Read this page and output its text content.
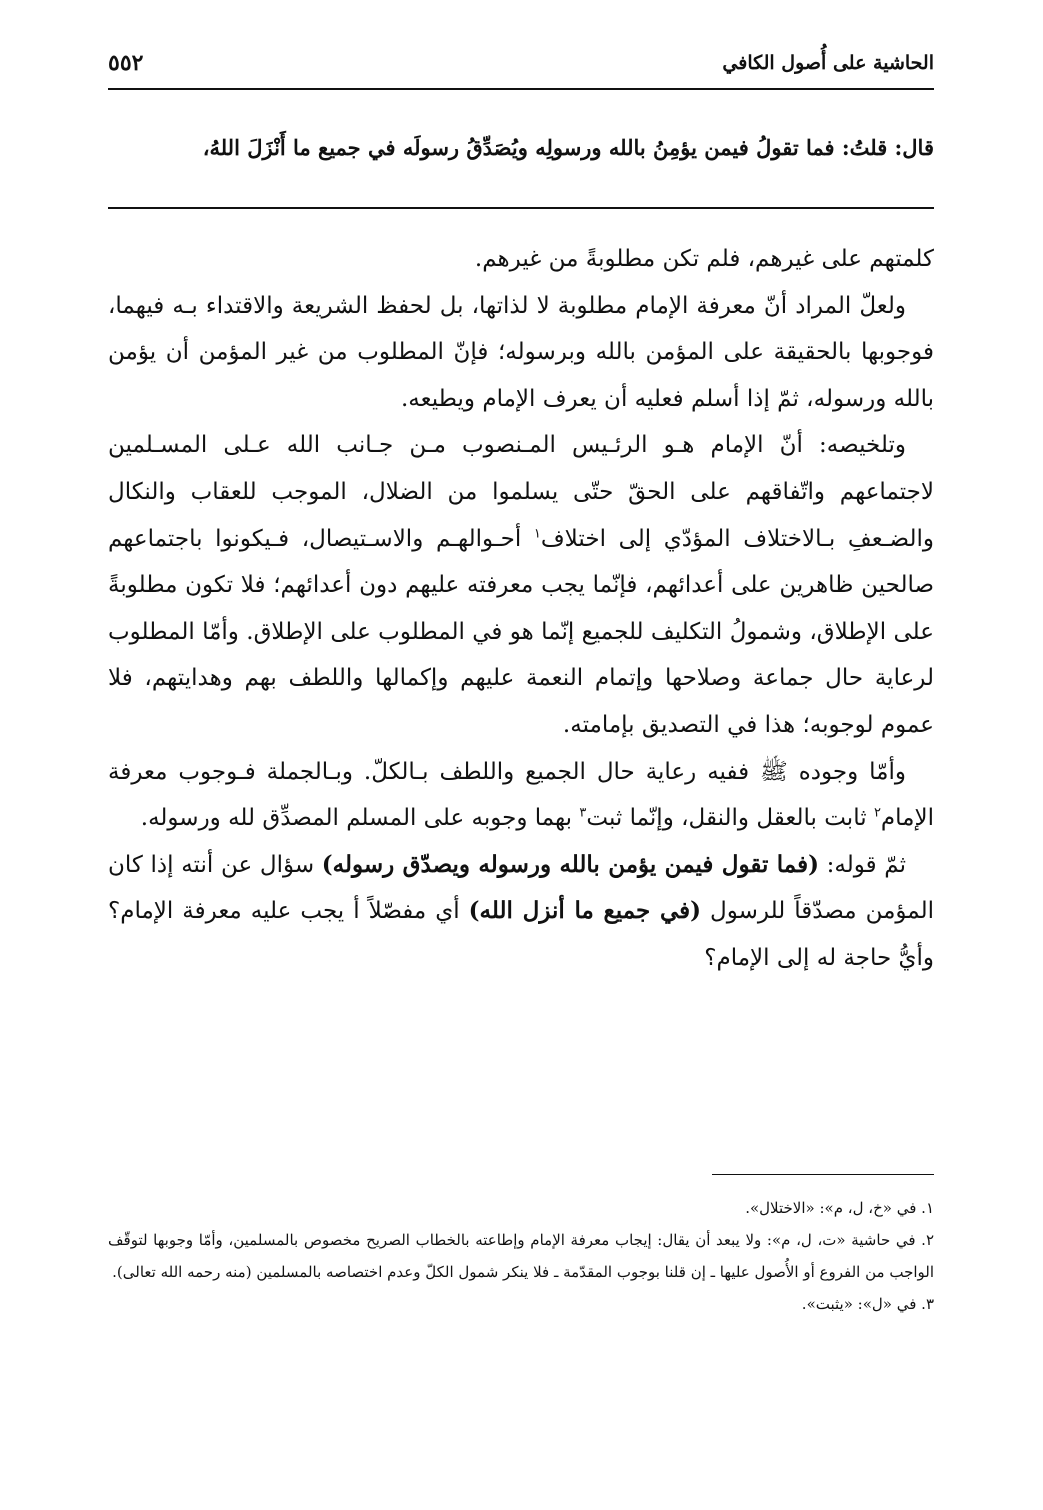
الحاشية على أُصول الكافي
٥٥٢
قال: قلتُ: فما تقولُ فيمن يؤمِنُ بالله ورسولِه ويُصَدِّقُ رسولَه في جميع ما أَنْزَلَ اللهُ،

كلمتهم على غيرهم، فلم تكن مطلوبةً من غيرهم.

ولعلّ المراد أنّ معرفة الإمام مطلوبة لا لذاتها، بل لحفظ الشريعة والاقتداء بـه فيهما، فوجوبها بالحقيقة على المؤمن بالله وبرسوله؛ فإنّ المطلوب من غير المؤمن أن يؤمن بالله ورسوله، ثمّ إذا أسلم فعليه أن يعرف الإمام ويطيعه.

وتلخيصه: أنّ الإمام هـو الرئـيس المـنصوب مـن جـانب الله عـلى المسـلمين لاجتماعهم واتّفاقهم على الحقّ حتّى يسلموا من الضلال، الموجب للعقاب والنكال والضـعفِ بـالاختلاف المؤدّي إلى اختلاف$^١$ أحـوالهـم والاسـتيصال، فـيكونوا باجتماعهم صالحين ظاهرين على أعدائهم، فإنّما يجب معرفته عليهم دون أعدائهم؛ فلا تكون مطلوبةً على الإطلاق، وشمولُ التكليف للجميع إنّما هو في المطلوب على الإطلاق. وأمّا المطلوب لرعاية حال جماعة وصلاحها وإتمام النعمة عليهم وإكمالها واللطف بهم وهدايتهم، فلا عموم لوجوبه؛ هذا في التصديق بإمامته.

وأمّا وجوده ﷺ ففيه رعاية حال الجميع واللطف بـالكلّ. وبـالجملة فـوجوب معرفة الإمام$^٢$ ثابت بالعقل والنقل، وإنّما ثبت$^٣$ بهما وجوبه على المسلم المصدِّق لله ورسوله.

ثمّ قوله: (فما تقول فيمن يؤمن بالله ورسوله ويصدّق رسوله) سؤال عن أنته إذا كان المؤمن مصدّقاً للرسول (في جميع ما أنزل الله) أي مفصّلاً أ يجب عليه معرفة الإمام؟ وأيُّ حاجة له إلى الإمام؟

١. في «خ، ل، م»: «الاختلال».

٢. في حاشية «ت، ل، م»: ولا يبعد أن يقال: إيجاب معرفة الإمام وإطاعته بالخطاب الصريح مخصوص بالمسلمين، وأمّا وجوبها لتوقّف الواجب من الفروع أو الأُصول عليها ـ إن قلنا بوجوب المقدّمة ـ فلا ينكر شمول الكلّ وعدم اختصاصه بالمسلمين (منه رحمه الله تعالى).

٣. في «ل»: «يثبت».
